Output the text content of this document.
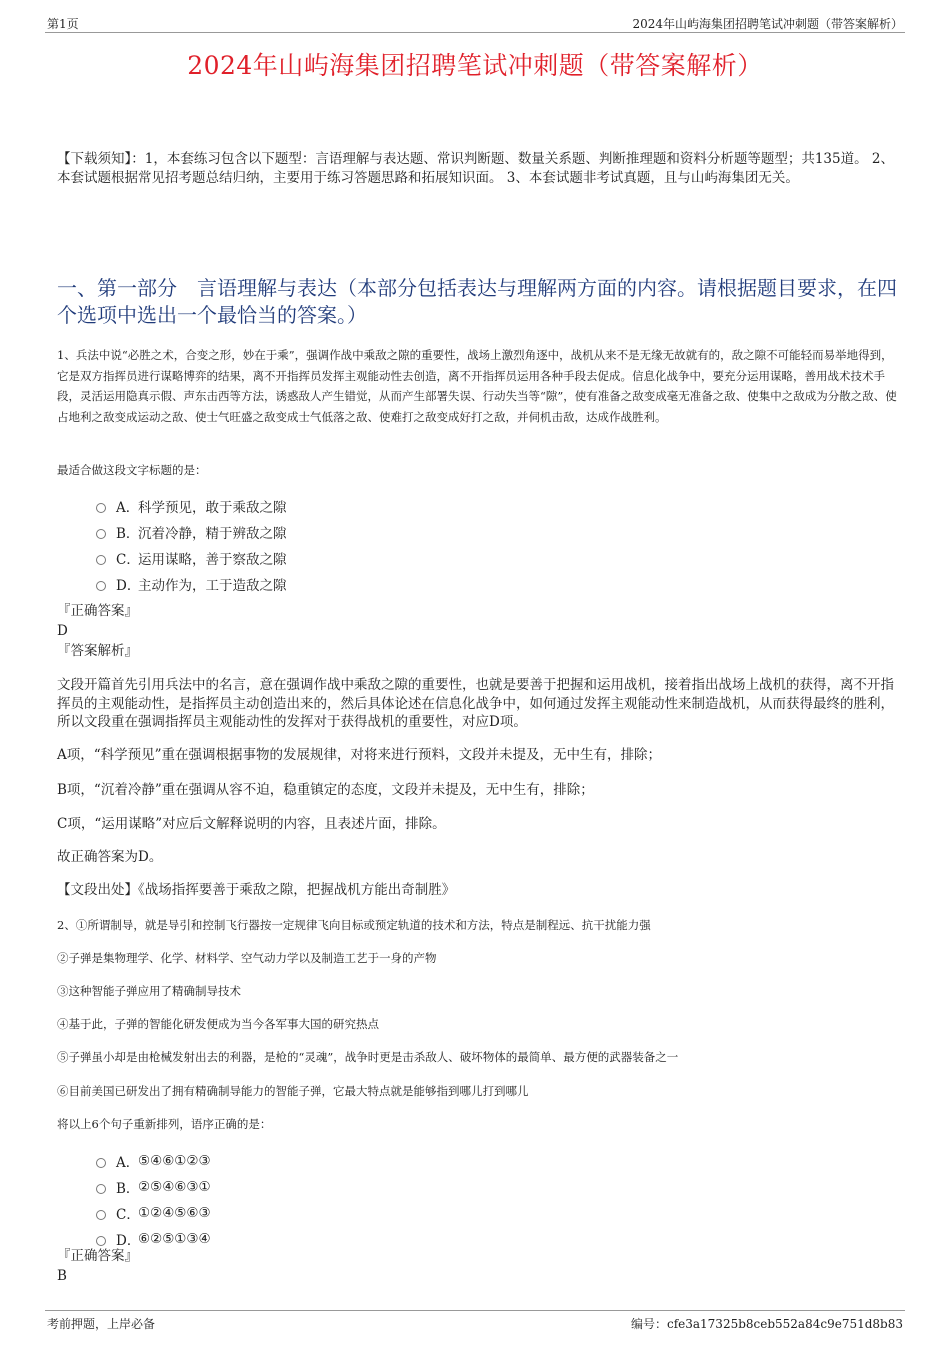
第1页	2024年山屿海集团招聘笔试冲刺题（带答案解析）
2024年山屿海集团招聘笔试冲刺题（带答案解析）
【下载须知】：1，本套练习包含以下题型：言语理解与表达题、常识判断题、数量关系题、判断推理题和资料分析题等题型；共135道。 2、本套试题根据常见招考题总结归纳，主要用于练习答题思路和拓展知识面。 3、本套试题非考试真题，且与山屿海集团无关。
一、第一部分　言语理解与表达（本部分包括表达与理解两方面的内容。请根据题目要求，在四个选项中选出一个最恰当的答案。）
1、兵法中说“必胜之术，合变之形，妙在于乘”，强调作战中乘敌之隙的重要性，战场上激烈角逐中，战机从来不是无缘无故就有的，敌之隙不可能轻而易举地得到，它是双方指挥员进行谋略博弈的结果，离不开指挥员发挥主观能动性去创造，离不开指挥员运用各种手段去促成。信息化战争中，要充分运用谋略，善用战术技术手段，灵活运用隐真示假、声东击西等方法，诱惑敌人产生错觉，从而产生部署失误、行动失当等“隙”，使有准备之敌变成毫无准备之敌、使集中之敌成为分散之敌、使占地利之敌变成运动之敌、使士气旺盛之敌变成士气低落之敌、使难打之敌变成好打之敌，并伺机击敌，达成作战胜利。
最适合做这段文字标题的是：
A．
科学预见，敢于乘敌之隙
B．
沉着冷静，精于辨敌之隙
C．
运用谋略，善于察敌之隙
D．
主动作为，工于造敌之隙
『正确答案』
D
『答案解析』
文段开篇首先引用兵法中的名言，意在强调作战中乘敌之隙的重要性，也就是要善于把握和运用战机，接着指出战场上战机的获得，离不开指挥员的主观能动性，是指挥员主动创造出来的，然后具体论述在信息化战争中，如何通过发挥主观能动性来制造战机，从而获得最终的胜利，所以文段重在强调指挥员主观能动性的发挥对于获得战机的重要性，对应D项。
A项，“科学预见”重在强调根据事物的发展规律，对将来进行预料，文段并未提及，无中生有，排除；
B项，“沉着冷静”重在强调从容不迫，稳重镇定的态度，文段并未提及，无中生有，排除；
C项，“运用谋略”对应后文解释说明的内容，且表述片面，排除。
故正确答案为D。
【文段出处】《战场指挥要善于乘敌之隙，把握战机方能出奇制胜》
2、①所谓制导，就是导引和控制飞行器按一定规律飞向目标或预定轨道的技术和方法，特点是制程远、抗干扰能力强
②子弹是集物理学、化学、材料学、空气动力学以及制造工艺于一身的产物
③这种智能子弹应用了精确制导技术
④基于此，子弹的智能化研发便成为当今各军事大国的研究热点
⑤子弹虽小却是由枪械发射出去的利器，是枪的“灵魂”，战争时更是击杀敌人、破坏物体的最简单、最方便的武器装备之一
⑥目前美国已研发出了拥有精确制导能力的智能子弹，它最大特点就是能够指到哪儿打到哪儿
将以上6个句子重新排列，语序正确的是：
A．
⑤④⑥①②③
B．
②⑤④⑥③①
C．
①②④⑤⑥③
D．
⑥②⑤①③④
『正确答案』
B
考前押题，上岸必备	编号：cfe3a17325b8ceb552a84c9e751d8b83
